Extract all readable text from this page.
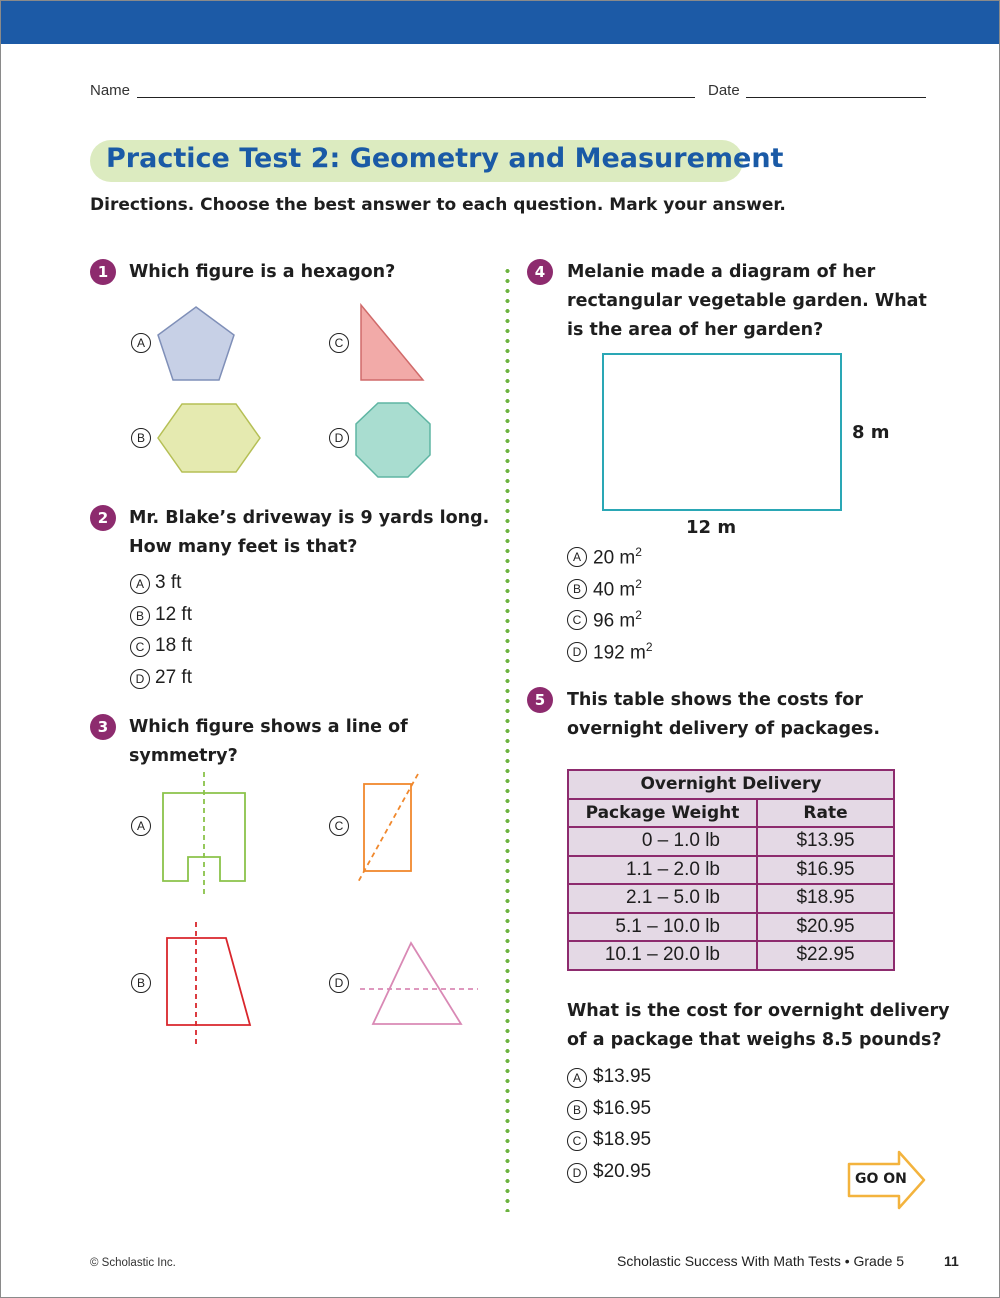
Name	Date
Practice Test 2: Geometry and Measurement
Directions. Choose the best answer to each question. Mark your answer.
1	Which figure is a hexagon?
A	C
B	D
2	Mr. Blake’s driveway is 9 yards long.
How many feet is that?
A 3 ft
B 12 ft
C 18 ft
D 27 ft
3	Which figure shows a line of
symmetry?
A	C
B	D
4	Melanie made a diagram of her
rectangular vegetable garden. What
is the area of her garden?
8 m
12 m
A 20 $m^2$
B 40 $m^2$
C 96 $m^2$
D 192 $m^2$
5	This table shows the costs for
overnight delivery of packages.
Overnight Delivery	
Package Weight	Rate
0 – 1.0 lb	$13.95
1.1 – 2.0 lb	$16.95
2.1 – 5.0 lb	$18.95
5.1 – 10.0 lb	$20.95
10.1 – 20.0 lb	$22.95
What is the cost for overnight delivery
of a package that weighs 8.5 pounds?
A $13.95
B $16.95
C $18.95
D $20.95	GO ON
© Scholastic Inc.	Scholastic Success With Math Tests • Grade 5	11
